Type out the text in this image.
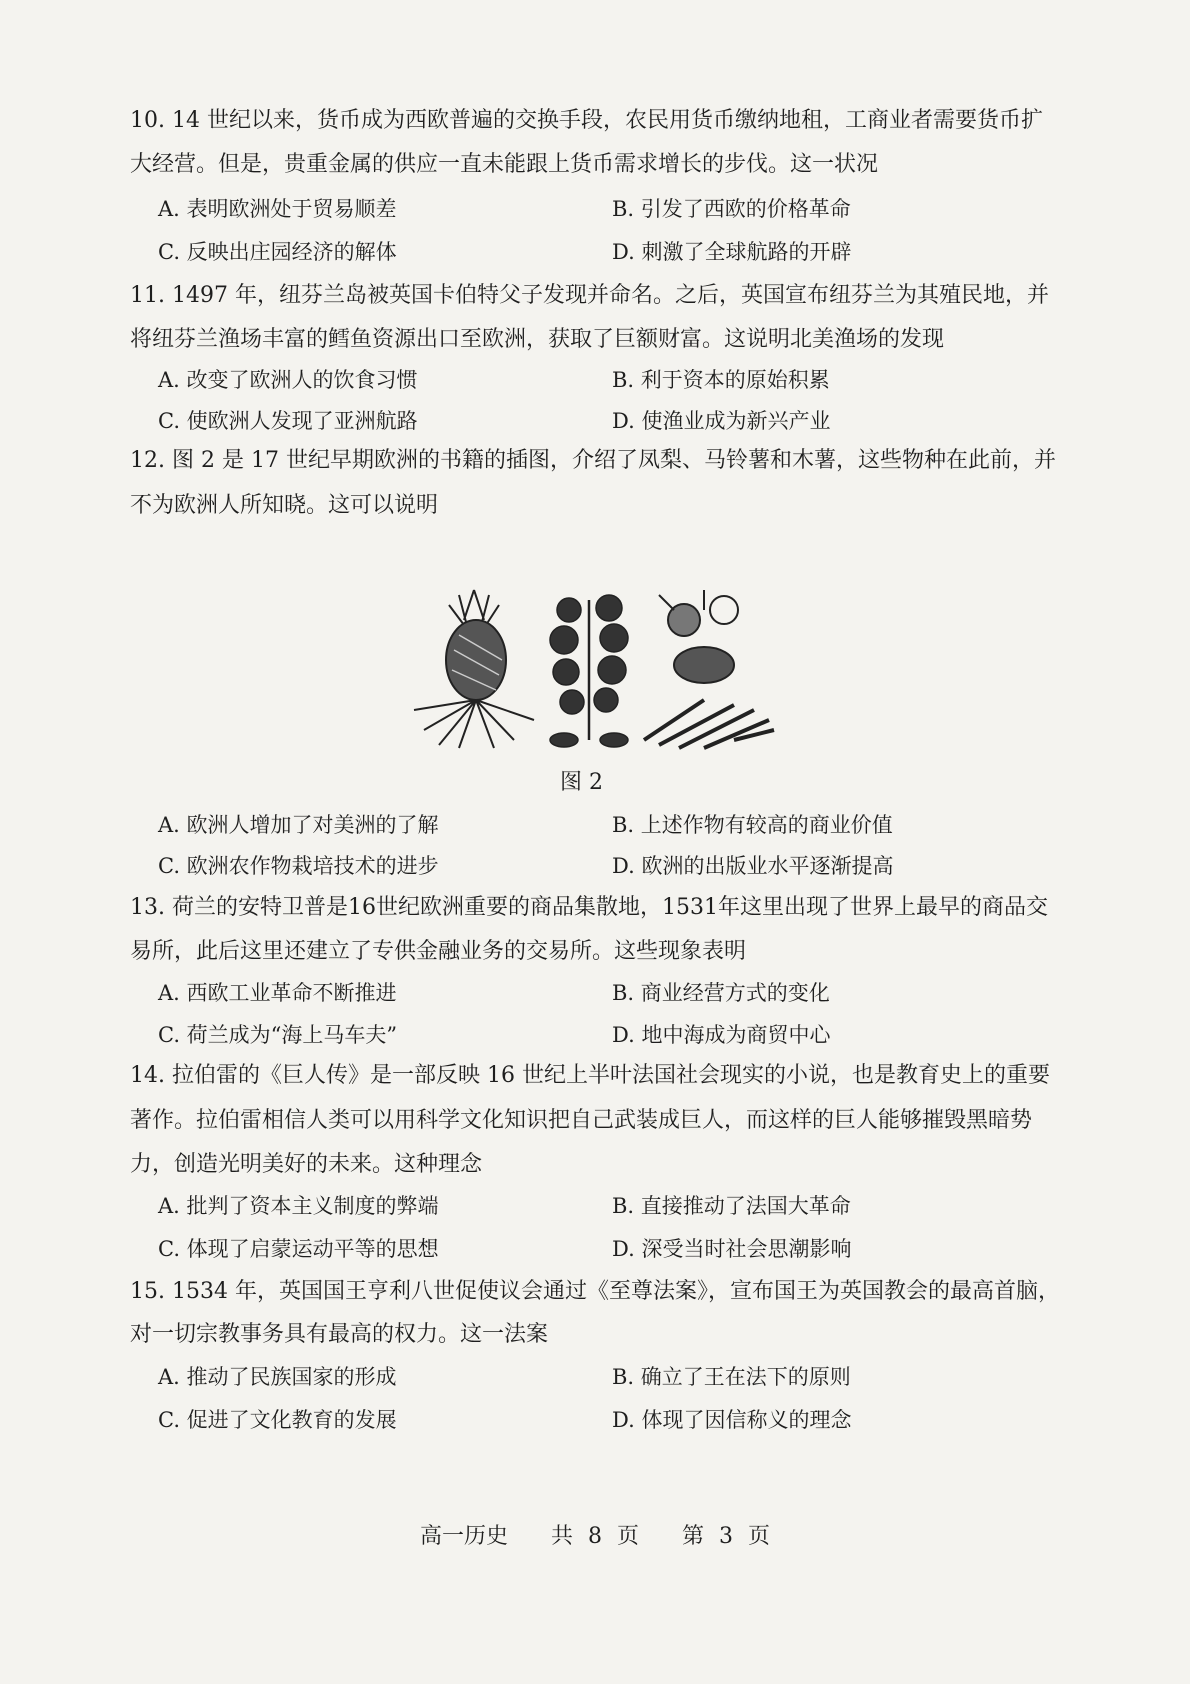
10. 14 世纪以来，货币成为西欧普遍的交换手段，农民用货币缴纳地租，工商业者需要货币扩
大经营。但是，贵重金属的供应一直未能跟上货币需求增长的步伐。这一状况
A. 表明欧洲处于贸易顺差	B. 引发了西欧的价格革命
C. 反映出庄园经济的解体	D. 刺激了全球航路的开辟
11. 1497 年，纽芬兰岛被英国卡伯特父子发现并命名。之后，英国宣布纽芬兰为其殖民地，并
将纽芬兰渔场丰富的鳕鱼资源出口至欧洲，获取了巨额财富。这说明北美渔场的发现
A. 改变了欧洲人的饮食习惯	B. 利于资本的原始积累
C. 使欧洲人发现了亚洲航路	D. 使渔业成为新兴产业
12. 图 2 是 17 世纪早期欧洲的书籍的插图，介绍了凤梨、马铃薯和木薯，这些物种在此前，并
不为欧洲人所知晓。这可以说明
图 2
A. 欧洲人增加了对美洲的了解	B. 上述作物有较高的商业价值
C. 欧洲农作物栽培技术的进步	D. 欧洲的出版业水平逐渐提高
13. 荷兰的安特卫普是16世纪欧洲重要的商品集散地，1531年这里出现了世界上最早的商品交
易所，此后这里还建立了专供金融业务的交易所。这些现象表明
A. 西欧工业革命不断推进	B. 商业经营方式的变化
C. 荷兰成为“海上马车夫”	D. 地中海成为商贸中心
14. 拉伯雷的《巨人传》是一部反映 16 世纪上半叶法国社会现实的小说，也是教育史上的重要
著作。拉伯雷相信人类可以用科学文化知识把自己武装成巨人，而这样的巨人能够摧毁黑暗势
力，创造光明美好的未来。这种理念
A. 批判了资本主义制度的弊端	B. 直接推动了法国大革命
C. 体现了启蒙运动平等的思想	D. 深受当时社会思潮影响
15. 1534 年，英国国王亨利八世促使议会通过《至尊法案》，宣布国王为英国教会的最高首脑，
对一切宗教事务具有最高的权力。这一法案
A. 推动了民族国家的形成	B. 确立了王在法下的原则
C. 促进了文化教育的发展	D. 体现了因信称义的理念
高一历史 共 8 页 第 3 页
